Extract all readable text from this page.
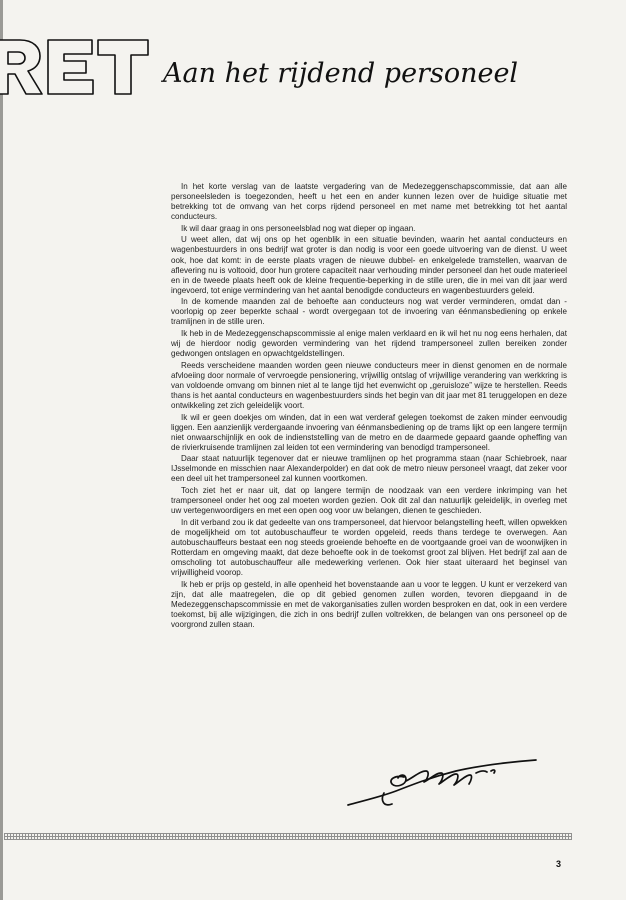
Aan het rijdend personeel

In het korte verslag van de laatste vergadering van de Medezeggenschapscommissie, dat aan alle personeelsleden is toegezonden, heeft u het een en ander kunnen lezen over de huidige situatie met betrekking tot de omvang van het corps rijdend personeel en met name met betrekking tot het aantal conducteurs.

Ik wil daar graag in ons personeelsblad nog wat dieper op ingaan.

U weet allen, dat wij ons op het ogenblik in een situatie bevinden, waarin het aantal conducteurs en wagenbestuurders in ons bedrijf wat groter is dan nodig is voor een goede uitvoering van de dienst. U weet ook, hoe dat komt: in de eerste plaats vragen de nieuwe dubbel- en enkelgelede tramstellen, waarvan de aflevering nu is voltooid, door hun grotere capaciteit naar verhouding minder personeel dan het oude materieel en in de tweede plaats heeft ook de kleine frequentie-beperking in de stille uren, die in mei van dit jaar werd ingevoerd, tot enige vermindering van het aantal benodigde conducteurs en wagenbestuurders geleid.

In de komende maanden zal de behoefte aan conducteurs nog wat verder verminderen, omdat dan - voorlopig op zeer beperkte schaal - wordt overgegaan tot de invoering van éénmansbediening op enkele tramlijnen in de stille uren.

Ik heb in de Medezeggenschapscommissie al enige malen verklaard en ik wil het nu nog eens herhalen, dat wij de hierdoor nodig geworden vermindering van het rijdend trampersoneel zullen bereiken zonder gedwongen ontslagen en opwachtgeldstellingen.

Reeds verscheidene maanden worden geen nieuwe conducteurs meer in dienst genomen en de normale afvloeiing door normale of vervroegde pensionering, vrijwillig ontslag of vrijwillige verandering van werkkring is van voldoende omvang om binnen niet al te lange tijd het evenwicht op „geruisloze” wijze te herstellen. Reeds thans is het aantal conducteurs en wagenbestuurders sinds het begin van dit jaar met 81 teruggelopen en deze ontwikkeling zet zich geleidelijk voort.

Ik wil er geen doekjes om winden, dat in een wat verderaf gelegen toekomst de zaken minder eenvoudig liggen. Een aanzienlijk verdergaande invoering van éénmansbediening op de trams lijkt op een langere termijn niet onwaarschijnlijk en ook de indienststelling van de metro en de daarmede gepaard gaande opheffing van de rivierkruisende tramlijnen zal leiden tot een vermindering van benodigd trampersoneel.

Daar staat natuurlijk tegenover dat er nieuwe tramlijnen op het programma staan (naar Schiebroek, naar IJsselmonde en misschien naar Alexanderpolder) en dat ook de metro nieuw personeel vraagt, dat zeker voor een deel uit het trampersoneel zal kunnen voortkomen.

Toch ziet het er naar uit, dat op langere termijn de noodzaak van een verdere inkrimping van het trampersoneel onder het oog zal moeten worden gezien. Ook dit zal dan natuurlijk geleidelijk, in overleg met uw vertegenwoordigers en met een open oog voor uw belangen, dienen te geschieden.

In dit verband zou ik dat gedeelte van ons trampersoneel, dat hiervoor belangstelling heeft, willen opwekken de mogelijkheid om tot autobuschauffeur te worden opgeleid, reeds thans terdege te overwegen. Aan autobuschauffeurs bestaat een nog steeds groeiende behoefte en de voortgaande groei van de woonwijken in Rotterdam en omgeving maakt, dat deze behoefte ook in de toekomst groot zal blijven. Het bedrijf zal aan de omscholing tot autobuschauffeur alle medewerking verlenen. Ook hier staat uiteraard het beginsel van vrijwilligheid voorop.

Ik heb er prijs op gesteld, in alle openheid het bovenstaande aan u voor te leggen. U kunt er verzekerd van zijn, dat alle maatregelen, die op dit gebied genomen zullen worden, tevoren diepgaand in de Medezeggenschapscommissie en met de vakorganisaties zullen worden besproken en dat, ook in een verdere toekomst, bij alle wijzigingen, die zich in ons bedrijf zullen voltrekken, de belangen van ons personeel op de voorgrond zullen staan.

3
